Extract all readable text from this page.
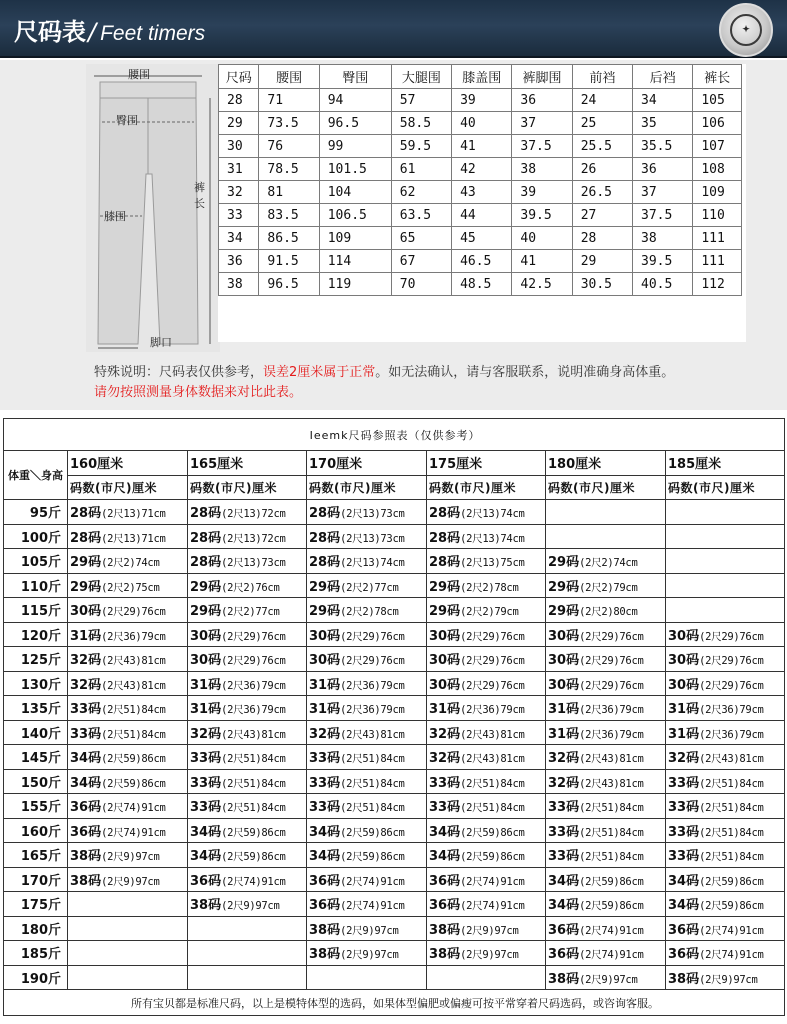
尺码表/ Feet timers	✦
腰围
臀围
膝围
裤长
脚口
尺码	腰围	臀围	大腿围	膝盖围	裤脚围	前裆	后裆	裤长
28	71	94	57	39	36	24	34	105
29	73.5	96.5	58.5	40	37	25	35	106
30	76	99	59.5	41	37.5	25.5	35.5	107
31	78.5	101.5	61	42	38	26	36	108
32	81	104	62	43	39	26.5	37	109
33	83.5	106.5	63.5	44	39.5	27	37.5	110
34	86.5	109	65	45	40	28	38	111
36	91.5	114	67	46.5	41	29	39.5	111
38	96.5	119	70	48.5	42.5	30.5	40.5	112
特殊说明：尺码表仅供参考，误差2厘米属于正常。如无法确认，请与客服联系，说明准确身高体重。
请勿按照测量身体数据来对比此表。
Ieemk尺码参照表（仅供参考）						
体重＼身高	160厘米	165厘米	170厘米	175厘米	180厘米	185厘米
	码数(市尺)厘米	码数(市尺)厘米	码数(市尺)厘米	码数(市尺)厘米	码数(市尺)厘米	码数(市尺)厘米
95斤	28码(2尺13)71cm	28码(2尺13)72cm	28码(2尺13)73cm	28码(2尺13)74cm		
100斤	28码(2尺13)71cm	28码(2尺13)72cm	28码(2尺13)73cm	28码(2尺13)74cm		
105斤	29码(2尺2)74cm	28码(2尺13)73cm	28码(2尺13)74cm	28码(2尺13)75cm	29码(2尺2)74cm	
110斤	29码(2尺2)75cm	29码(2尺2)76cm	29码(2尺2)77cm	29码(2尺2)78cm	29码(2尺2)79cm	
115斤	30码(2尺29)76cm	29码(2尺2)77cm	29码(2尺2)78cm	29码(2尺2)79cm	29码(2尺2)80cm	
120斤	31码(2尺36)79cm	30码(2尺29)76cm	30码(2尺29)76cm	30码(2尺29)76cm	30码(2尺29)76cm	30码(2尺29)76cm
125斤	32码(2尺43)81cm	30码(2尺29)76cm	30码(2尺29)76cm	30码(2尺29)76cm	30码(2尺29)76cm	30码(2尺29)76cm
130斤	32码(2尺43)81cm	31码(2尺36)79cm	31码(2尺36)79cm	30码(2尺29)76cm	30码(2尺29)76cm	30码(2尺29)76cm
135斤	33码(2尺51)84cm	31码(2尺36)79cm	31码(2尺36)79cm	31码(2尺36)79cm	31码(2尺36)79cm	31码(2尺36)79cm
140斤	33码(2尺51)84cm	32码(2尺43)81cm	32码(2尺43)81cm	32码(2尺43)81cm	31码(2尺36)79cm	31码(2尺36)79cm
145斤	34码(2尺59)86cm	33码(2尺51)84cm	33码(2尺51)84cm	32码(2尺43)81cm	32码(2尺43)81cm	32码(2尺43)81cm
150斤	34码(2尺59)86cm	33码(2尺51)84cm	33码(2尺51)84cm	33码(2尺51)84cm	32码(2尺43)81cm	33码(2尺51)84cm
155斤	36码(2尺74)91cm	33码(2尺51)84cm	33码(2尺51)84cm	33码(2尺51)84cm	33码(2尺51)84cm	33码(2尺51)84cm
160斤	36码(2尺74)91cm	34码(2尺59)86cm	34码(2尺59)86cm	34码(2尺59)86cm	33码(2尺51)84cm	33码(2尺51)84cm
165斤	38码(2尺9)97cm	34码(2尺59)86cm	34码(2尺59)86cm	34码(2尺59)86cm	33码(2尺51)84cm	33码(2尺51)84cm
170斤	38码(2尺9)97cm	36码(2尺74)91cm	36码(2尺74)91cm	36码(2尺74)91cm	34码(2尺59)86cm	34码(2尺59)86cm
175斤		38码(2尺9)97cm	36码(2尺74)91cm	36码(2尺74)91cm	34码(2尺59)86cm	34码(2尺59)86cm
180斤			38码(2尺9)97cm	38码(2尺9)97cm	36码(2尺74)91cm	36码(2尺74)91cm
185斤			38码(2尺9)97cm	38码(2尺9)97cm	36码(2尺74)91cm	36码(2尺74)91cm
190斤					38码(2尺9)97cm	38码(2尺9)97cm
所有宝贝都是标准尺码，以上是模特体型的选码，如果体型偏肥或偏瘦可按平常穿着尺码选码，或咨询客服。						
